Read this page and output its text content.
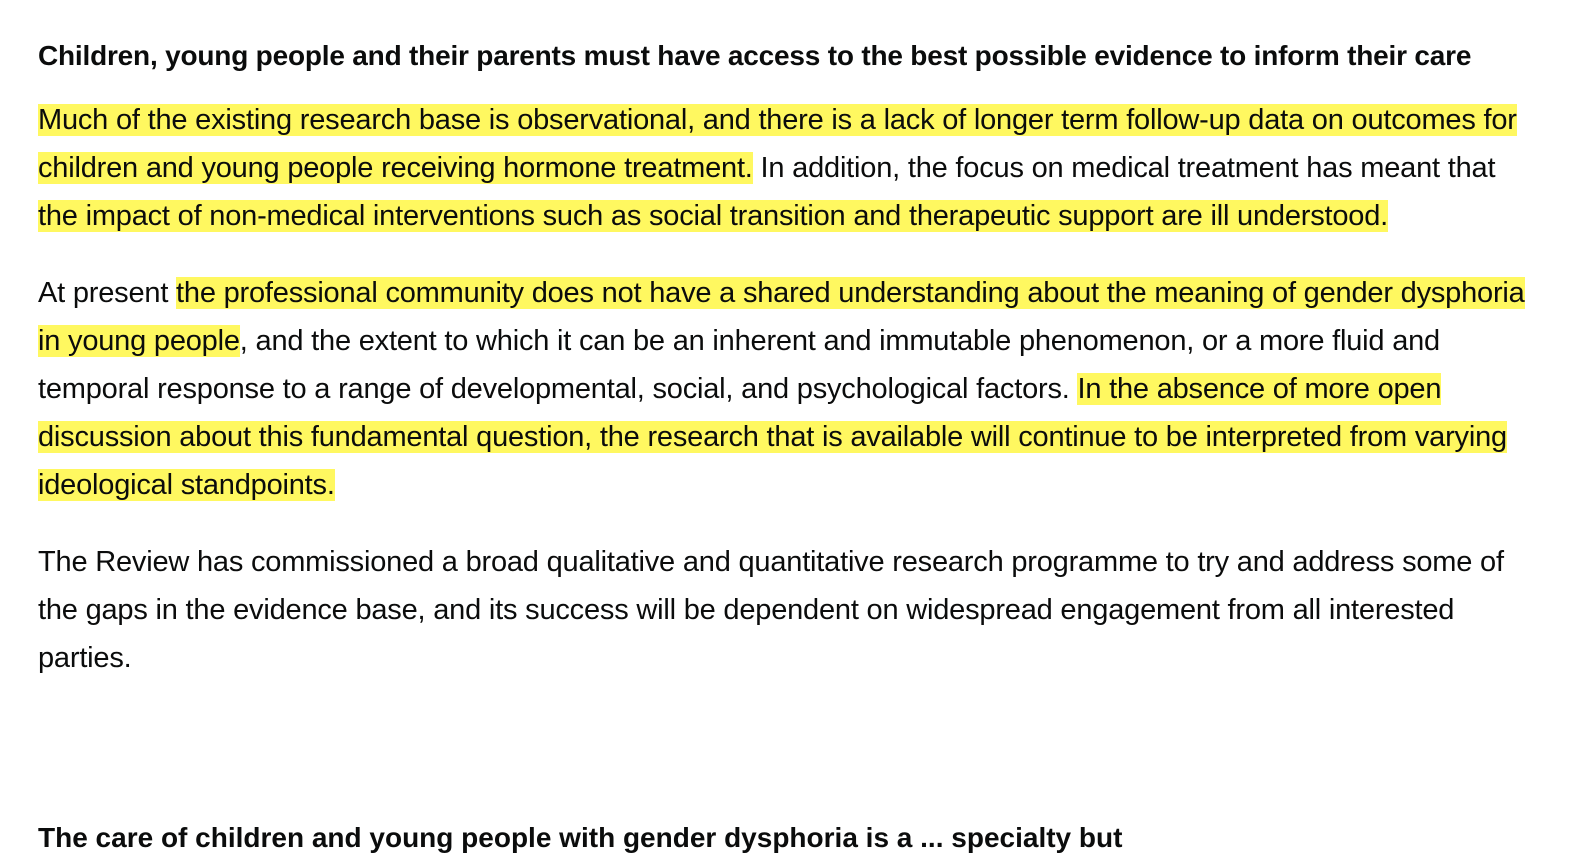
Children, young people and their parents must have access to the best possible evidence to inform their care

Much of the existing research base is observational, and there is a lack of longer term follow-up data on outcomes for children and young people receiving hormone treatment. In addition, the focus on medical treatment has meant that the impact of non-medical interventions such as social transition and therapeutic support are ill understood.

At present the professional community does not have a shared understanding about the meaning of gender dysphoria in young people, and the extent to which it can be an inherent and immutable phenomenon, or a more fluid and temporal response to a range of developmental, social, and psychological factors. In the absence of more open discussion about this fundamental question, the research that is available will continue to be interpreted from varying ideological standpoints.

The Review has commissioned a broad qualitative and quantitative research programme to try and address some of the gaps in the evidence base, and its success will be dependent on widespread engagement from all interested parties.

The care of children and young people with gender dysphoria is a ... specialty but
